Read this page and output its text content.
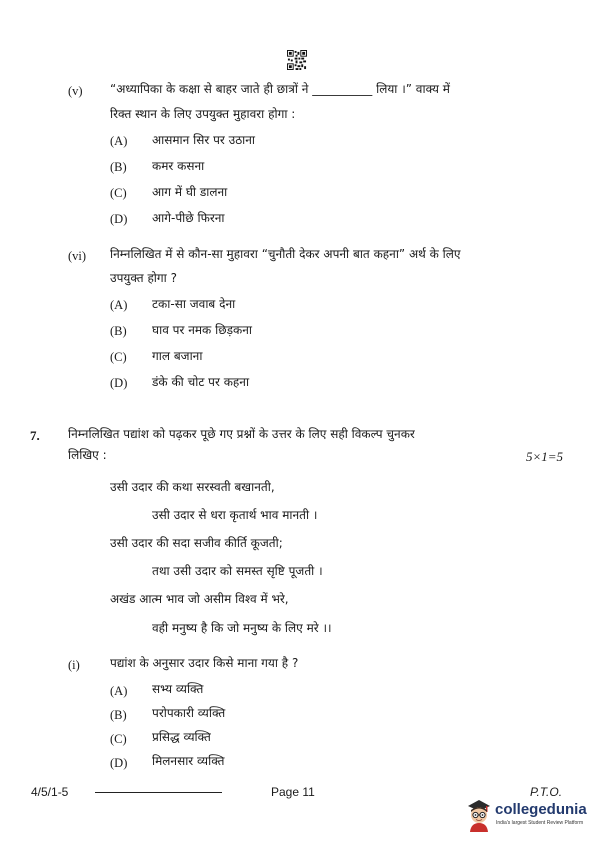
(v) “अध्यापिका के कक्षा से बाहर जाते ही छात्रों ने __________ लिया ।” वाक्य में
रिक्त स्थान के लिए उपयुक्त मुहावरा होगा :
(A) आसमान सिर पर उठाना
(B) कमर कसना
(C) आग में घी डालना
(D) आगे-पीछे फिरना
(vi) निम्नलिखित में से कौन-सा मुहावरा “चुनौती देकर अपनी बात कहना” अर्थ के लिए
उपयुक्त होगा ?
(A) टका-सा जवाब देना
(B) घाव पर नमक छिड़कना
(C) गाल बजाना
(D) डंके की चोट पर कहना
7. निम्नलिखित पद्यांश को पढ़कर पूछे गए प्रश्नों के उत्तर के लिए सही विकल्प चुनकर
लिखिए :	5×1=5
उसी उदार की कथा सरस्वती बखानती,
उसी उदार से धरा कृतार्थ भाव मानती ।
उसी उदार की सदा सजीव कीर्ति कूजती;
तथा उसी उदार को समस्त सृष्टि पूजती ।
अखंड आत्म भाव जो असीम विश्व में भरे,
वही मनुष्य है कि जो मनुष्य के लिए मरे ।।
(i)	पद्यांश के अनुसार उदार किसे माना गया है ?
(A) सभ्य व्यक्ति
(B) परोपकारी व्यक्ति
(C) प्रसिद्ध व्यक्ति
(D) मिलनसार व्यक्ति
4/5/1-5	Page 11	P.T.O.
collegedunia
India's largest Student Review Platform
